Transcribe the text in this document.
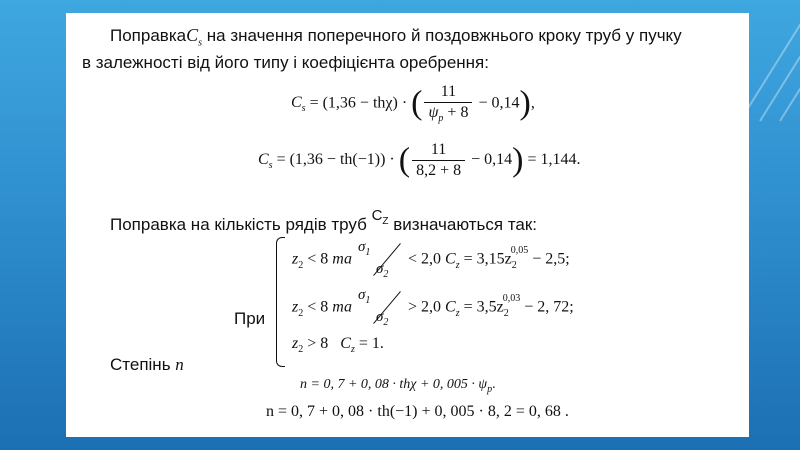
ПоправкаC$_s$ на значення поперечного й поздовжнього кроку труб у пучку
в залежності від його типу і коефіцієнта оребрення:
$C_s = (1,36 - th\chi)$ · ( $\frac{11}{\psi_p + 8} - 0,14$),
$C_s = (1,36 - th(-1))$ · ( $\frac{11}{8,2 + 8} - 0,14) = 1,144$.
Поправка на кількість рядів труб $C_Z$ визначаються так:
$z_2 < 8$ та
$\sigma_1$
$\sigma_2$
< 2,0 $C_z = 3,15z_2^{0,05} - 2,5$;
$z_2 < 8$ та
$\sigma_1$
$\sigma_2$
> 2,0 $C_z = 3,5z_2^{0,03} - 2$, 72;
При
$z_2 > 8$ $C_z = 1$.
Степінь n
n = 0, 7 + 0, 08 · thχ + 0, $005 \cdot \psi_p$.
n = 0, 7 + 0, 08 · th(−1) + 0, 005 · 8, 2 = 0, 68 .
